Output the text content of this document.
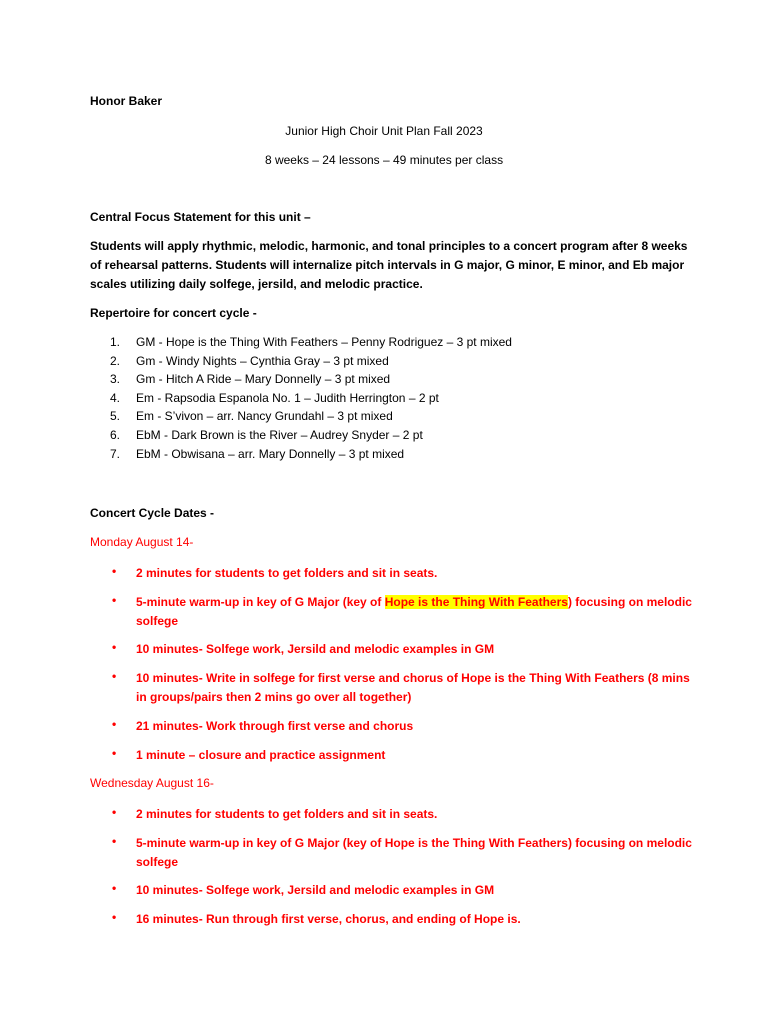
Honor Baker
Junior High Choir Unit Plan Fall 2023
8 weeks – 24 lessons – 49 minutes per class
Central Focus Statement for this unit –
Students will apply rhythmic, melodic, harmonic, and tonal principles to a concert program after 8 weeks of rehearsal patterns. Students will internalize pitch intervals in G major, G minor, E minor, and Eb major scales utilizing daily solfege, jersild, and melodic practice.
Repertoire for concert cycle -
1. GM - Hope is the Thing With Feathers – Penny Rodriguez – 3 pt mixed
2. Gm - Windy Nights – Cynthia Gray – 3 pt mixed
3. Gm - Hitch A Ride – Mary Donnelly – 3 pt mixed
4. Em - Rapsodia Espanola No. 1 – Judith Herrington – 2 pt
5. Em - S’vivon – arr. Nancy Grundahl – 3 pt mixed
6. EbM - Dark Brown is the River – Audrey Snyder – 2 pt
7. EbM - Obwisana – arr. Mary Donnelly – 3 pt mixed
Concert Cycle Dates -
Monday August 14-
•	2 minutes for students to get folders and sit in seats.
•	5-minute warm-up in key of G Major (key of Hope is the Thing With Feathers) focusing on melodic solfege
•	10 minutes- Solfege work, Jersild and melodic examples in GM
•	10 minutes- Write in solfege for first verse and chorus of Hope is the Thing With Feathers (8 mins in groups/pairs then 2 mins go over all together)
•	21 minutes- Work through first verse and chorus
•	1 minute – closure and practice assignment
Wednesday August 16-
•	2 minutes for students to get folders and sit in seats.
•	5-minute warm-up in key of G Major (key of Hope is the Thing With Feathers) focusing on melodic solfege
•	10 minutes- Solfege work, Jersild and melodic examples in GM
•	16 minutes- Run through first verse, chorus, and ending of Hope is.
